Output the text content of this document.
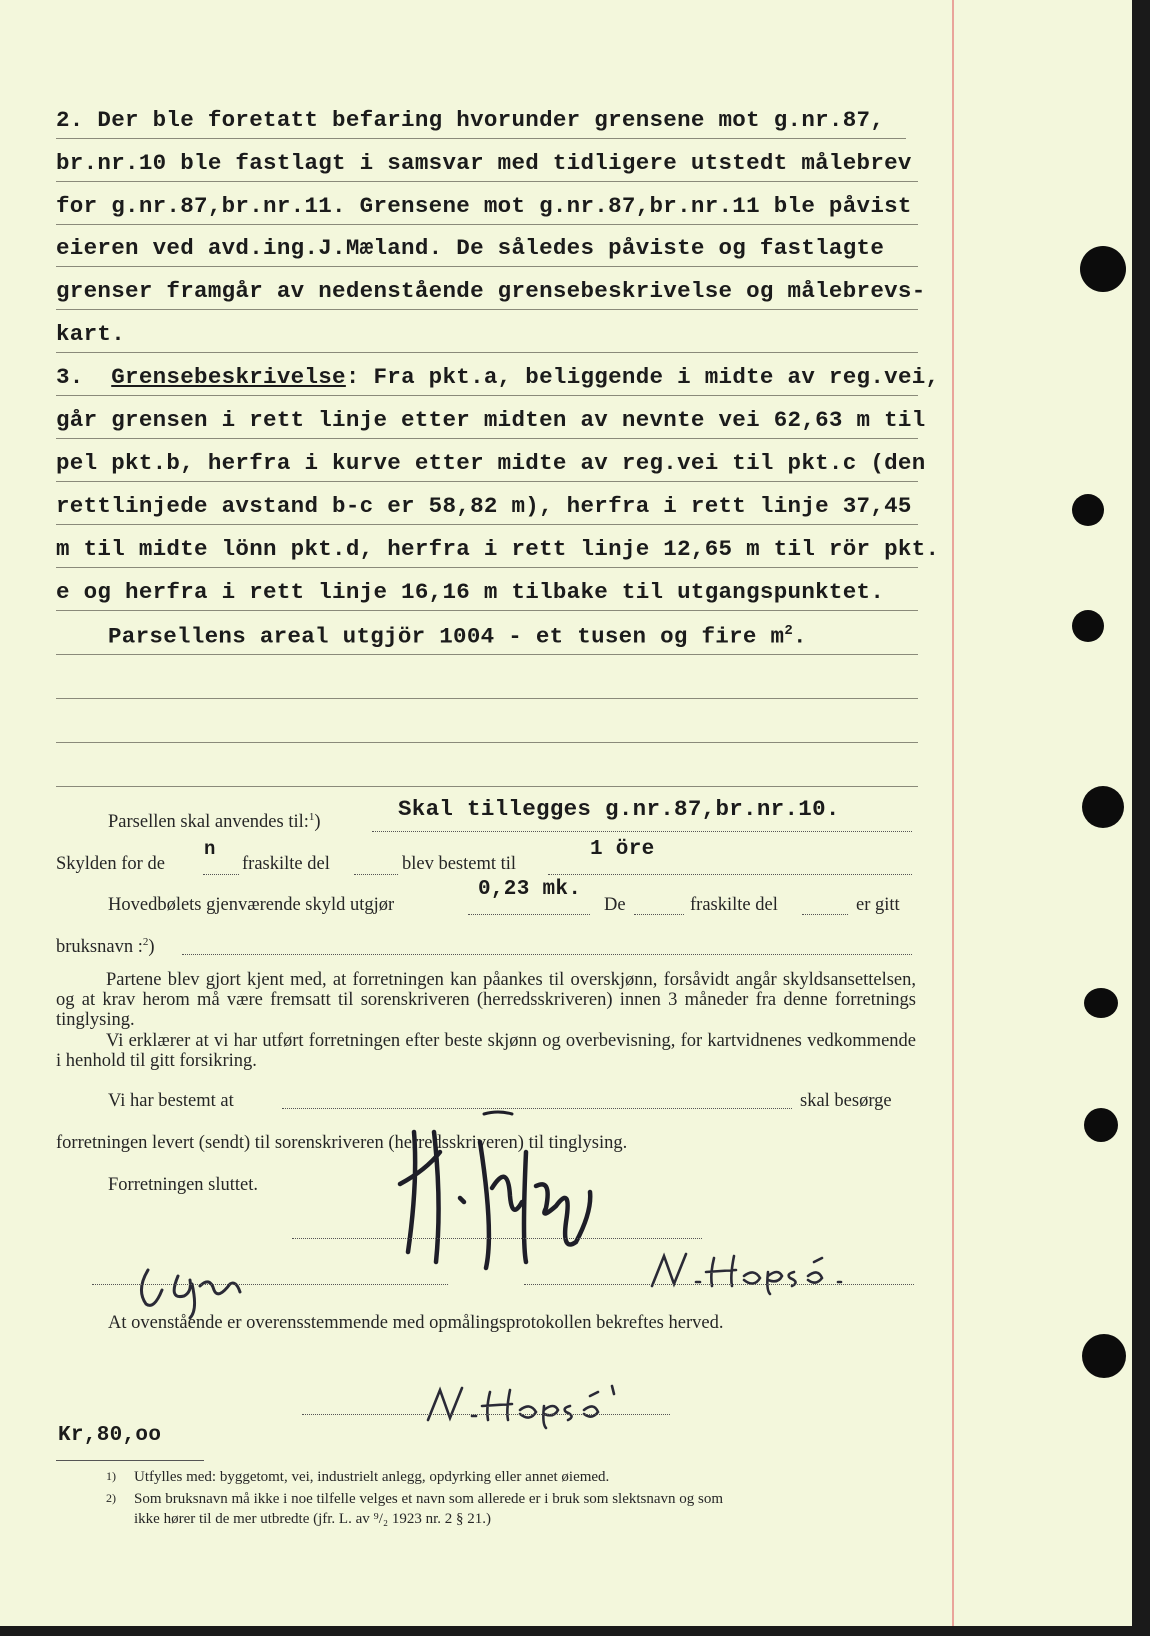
2. Der ble foretatt befaring hvorunder grensene mot g.nr.87,
br.nr.10 ble fastlagt i samsvar med tidligere utstedt målebrev
for g.nr.87,br.nr.11. Grensene mot g.nr.87,br.nr.11 ble påvist
eieren ved avd.ing.J.Mæland. De således påviste og fastlagte
grenser framgår av nedenstående grensebeskrivelse og målebrevs-
kart.
3. Grensebeskrivelse: Fra pkt.a, beliggende i midte av reg.vei,
går grensen i rett linje etter midten av nevnte vei 62,63 m til
pel pkt.b, herfra i kurve etter midte av reg.vei til pkt.c (den
rettlinjede avstand b-c er 58,82 m), herfra i rett linje 37,45
m til midte lönn pkt.d, herfra i rett linje 12,65 m til rör pkt.
e og herfra i rett linje 16,16 m tilbake til utgangspunktet.
Parsellens areal utgjör 1004 - et tusen og fire $m^2$.
Parsellen skal anvendes til:$^1$)
Skal tillegges g.nr.87,br.nr.10.
Skylden for de
n
fraskilte del	blev bestemt til
1 öre
Hovedbølets gjenværende skyld utgjør
0,23 mk.
De	fraskilte del	er gitt
bruksnavn :$^2$)
Partene blev gjort kjent med, at forretningen kan påankes til overskjønn, forsåvidt angår skyldsansettelsen, og at krav herom må være fremsatt til sorenskriveren (herredsskriveren) innen 3 måneder fra denne forretnings tinglysing.
Vi erklærer at vi har utført forretningen efter beste skjønn og overbevisning, for kartvidnenes vedkommende i henhold til gitt forsikring.
Vi har bestemt at	skal besørge
forretningen levert (sendt) til sorenskriveren (herredsskriveren) til tinglysing.
Forretningen sluttet.
At ovenstående er overensstemmende med opmålingsprotokollen bekreftes herved.
Kr,80,oo
1) Utfylles med: byggetomt, vei, industrielt anlegg, opdyrking eller annet øiemed.
2) Som bruksnavn må ikke i noe tilfelle velges et navn som allerede er i bruk som slektsnavn og som
ikke hører til de mer utbredte (jfr. L. av ⁹/₂ 1923 nr. 2 § 21.)
